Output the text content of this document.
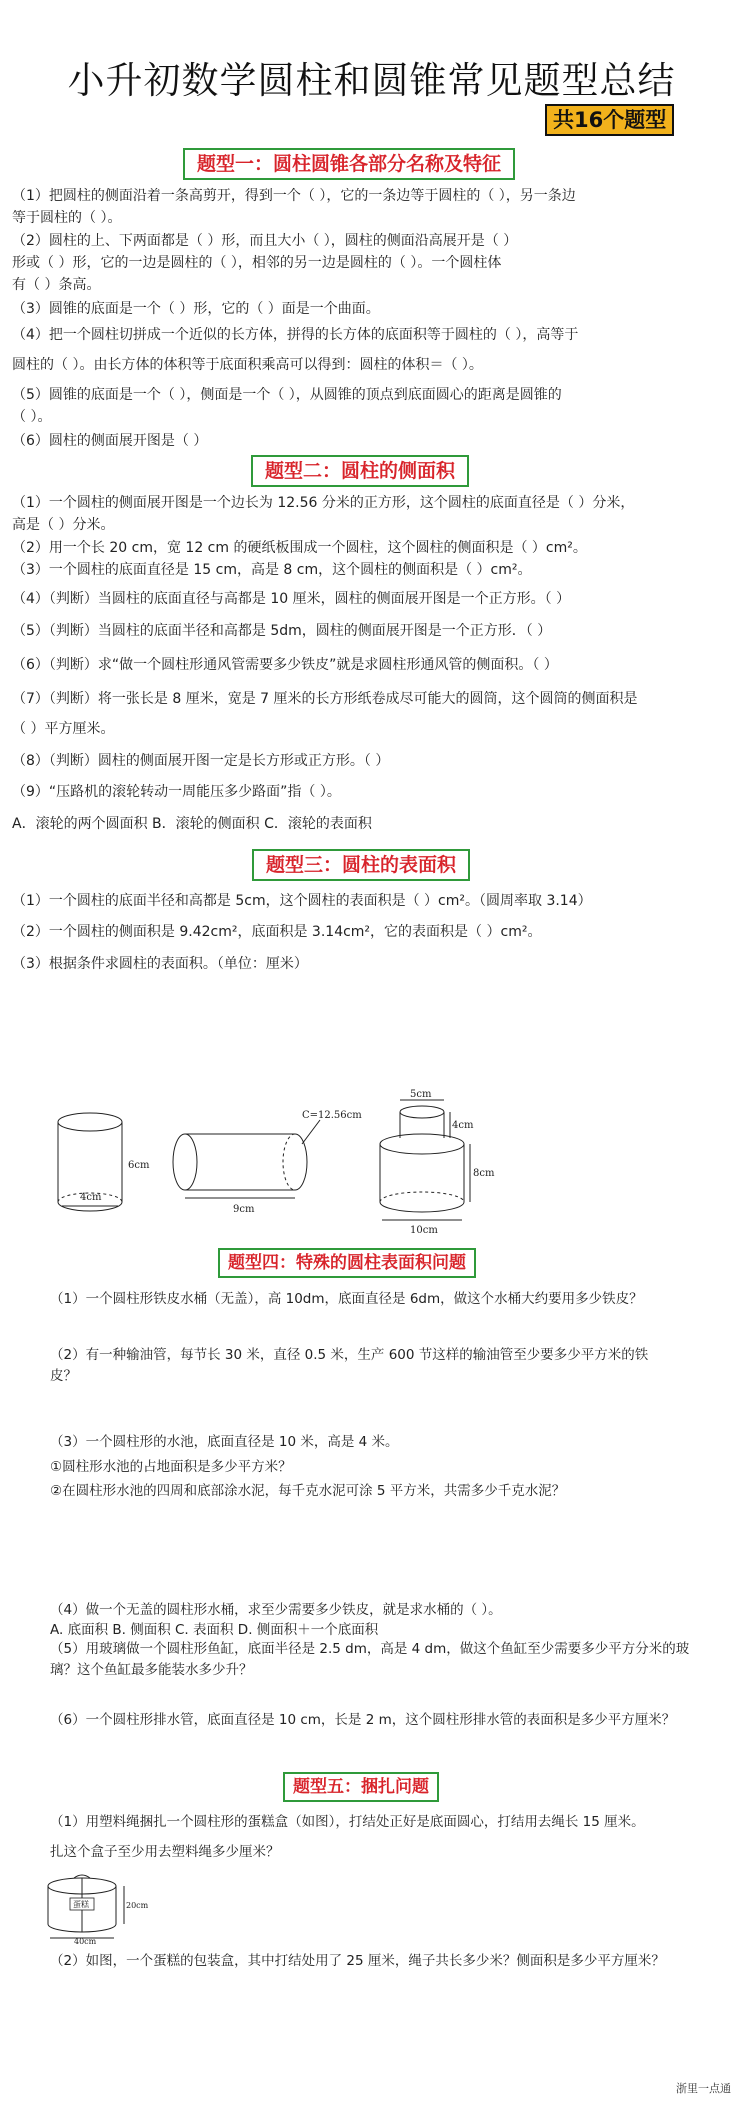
小升初数学圆柱和圆锥常见题型总结
共16个题型
题型一：圆柱圆锥各部分名称及特征
（1）把圆柱的侧面沿着一条高剪开，得到一个（ ），它的一条边等于圆柱的（ ），另一条边
等于圆柱的（ ）。
（2）圆柱的上、下两面都是（ ）形，而且大小（ ），圆柱的侧面沿高展开是（ ）
形或（ ）形，它的一边是圆柱的（ ），相邻的另一边是圆柱的（ ）。一个圆柱体
有（ ）条高。
（3）圆锥的底面是一个（ ）形，它的（ ）面是一个曲面。
（4）把一个圆柱切拼成一个近似的长方体，拼得的长方体的底面积等于圆柱的（ ），高等于
圆柱的（ ）。由长方体的体积等于底面积乘高可以得到：圆柱的体积＝（ ）。
（5）圆锥的底面是一个（ ），侧面是一个（ ），从圆锥的顶点到底面圆心的距离是圆锥的
（ ）。
（6）圆柱的侧面展开图是（ ）
题型二：圆柱的侧面积
（1）一个圆柱的侧面展开图是一个边长为 12.56 分米的正方形，这个圆柱的底面直径是（ ）分米，
高是（ ）分米。
（2）用一个长 20 cm，宽 12 cm 的硬纸板围成一个圆柱，这个圆柱的侧面积是（ ）cm²。
（3）一个圆柱的底面直径是 15 cm，高是 8 cm，这个圆柱的侧面积是（ ）cm²。
（4）（判断）当圆柱的底面直径与高都是 10 厘米，圆柱的侧面展开图是一个正方形。（ ）
（5）（判断）当圆柱的底面半径和高都是 5dm，圆柱的侧面展开图是一个正方形．（ ）
（6）（判断）求“做一个圆柱形通风管需要多少铁皮”就是求圆柱形通风管的侧面积。（ ）
（7）（判断）将一张长是 8 厘米，宽是 7 厘米的长方形纸卷成尽可能大的圆筒，这个圆筒的侧面积是
（ ）平方厘米。
（8）（判断）圆柱的侧面展开图一定是长方形或正方形。（ ）
（9）“压路机的滚轮转动一周能压多少路面”指（ ）。
A．滚轮的两个圆面积 B．滚轮的侧面积 C．滚轮的表面积
题型三：圆柱的表面积
（1）一个圆柱的底面半径和高都是 5cm，这个圆柱的表面积是（ ）cm²。（圆周率取 3.14）
（2）一个圆柱的侧面积是 9.42cm²，底面积是 3.14cm²，它的表面积是（ ）cm²。
（3）根据条件求圆柱的表面积。（单位：厘米）
6cm
4cm
C=12.56cm
9cm
5cm
4cm
8cm
10cm
题型四：特殊的圆柱表面积问题
（1）一个圆柱形铁皮水桶（无盖），高 10dm，底面直径是 6dm，做这个水桶大约要用多少铁皮？
（2）有一种输油管，每节长 30 米，直径 0.5 米，生产 600 节这样的输油管至少要多少平方米的铁
皮？
（3）一个圆柱形的水池，底面直径是 10 米，高是 4 米。
①圆柱形水池的占地面积是多少平方米？
②在圆柱形水池的四周和底部涂水泥，每千克水泥可涂 5 平方米，共需多少千克水泥？
（4）做一个无盖的圆柱形水桶，求至少需要多少铁皮，就是求水桶的（ ）。
A. 底面积 B. 侧面积 C. 表面积 D. 侧面积＋一个底面积
（5）用玻璃做一个圆柱形鱼缸，底面半径是 2.5 dm，高是 4 dm，做这个鱼缸至少需要多少平方分米的玻
璃？这个鱼缸最多能装水多少升？
（6）一个圆柱形排水管，底面直径是 10 cm，长是 2 m，这个圆柱形排水管的表面积是多少平方厘米？
题型五：捆扎问题
（1）用塑料绳捆扎一个圆柱形的蛋糕盒（如图），打结处正好是底面圆心，打结用去绳长 15 厘米。
扎这个盒子至少用去塑料绳多少厘米？
蛋糕	20cm
40cm
（2）如图，一个蛋糕的包装盒，其中打结处用了 25 厘米，绳子共长多少米？侧面积是多少平方厘米？
浙里一点通
